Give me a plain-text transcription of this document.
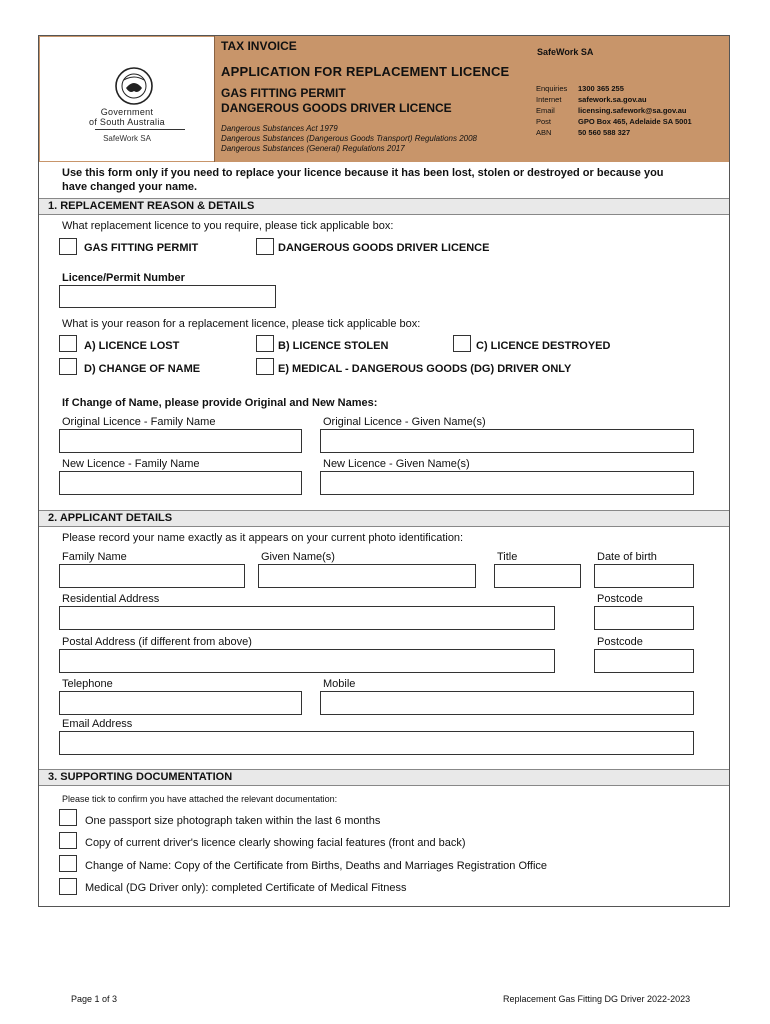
Government
of South Australia
SafeWork SA
TAX INVOICE
APPLICATION FOR REPLACEMENT LICENCE
GAS FITTING PERMIT
DANGEROUS GOODS DRIVER LICENCE
Dangerous Substances Act 1979
Dangerous Substances (Dangerous Goods Transport) Regulations 2008
Dangerous Substances (General) Regulations 2017
SafeWork SA
Enquiries 1300 365 255
Internet safework.sa.gov.au
Email	licensing.safework@sa.gov.au
Post	GPO Box 465, Adelaide SA 5001
ABN	50 560 588 327
Use this form only if you need to replace your licence because it has been lost, stolen or destroyed or because you have changed your name.
1. REPLACEMENT REASON & DETAILS
What replacement licence to you require, please tick applicable box:
GAS FITTING PERMIT	DANGEROUS GOODS DRIVER LICENCE
Licence/Permit Number
What is your reason for a replacement licence, please tick applicable box:
A) LICENCE LOST	B) LICENCE STOLEN	C) LICENCE DESTROYED
D) CHANGE OF NAME	E) MEDICAL - DANGEROUS GOODS (DG) DRIVER ONLY
If Change of Name, please provide Original and New Names:
Original Licence - Family Name	Original Licence - Given Name(s)
New Licence - Family Name	New Licence - Given Name(s)
2. APPLICANT DETAILS
Please record your name exactly as it appears on your current photo identification:
Family Name	Given Name(s)	Title	Date of birth
Residential Address	Postcode
Postal Address (if different from above)	Postcode
Telephone	Mobile
Email Address
3. SUPPORTING DOCUMENTATION
Please tick to confirm you have attached the relevant documentation:
One passport size photograph taken within the last 6 months
Copy of current driver's licence clearly showing facial features (front and back)
Change of Name: Copy of the Certificate from Births, Deaths and Marriages Registration Office
Medical (DG Driver only): completed Certificate of Medical Fitness
Page 1 of 3	Replacement Gas Fitting DG Driver 2022-2023
